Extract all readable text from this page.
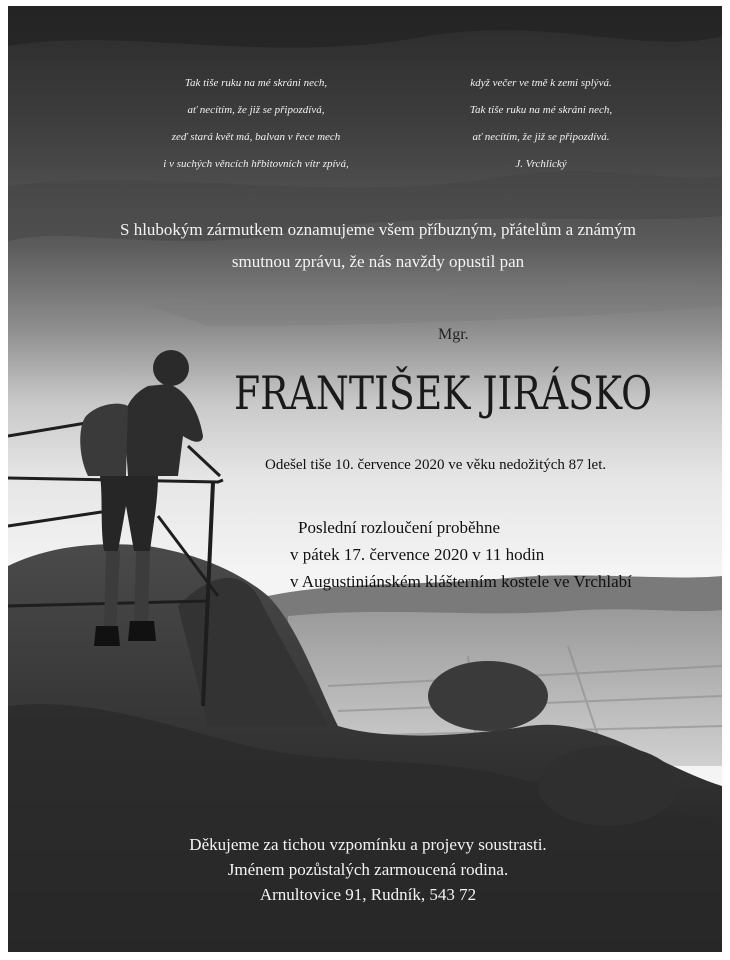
Tak tiše ruku na mé skráni nech,
ať necítím, že již se připozdívá,
zeď stará květ má, balvan v řece mech
i v suchých věncích hřbitovních vítr zpívá,
když večer ve tmě k zemi splývá.
Tak tiše ruku na mé skráni nech,
ať necítím, že již se připozdívá.
J. Vrchlický
S hlubokým zármutkem oznamujeme všem příbuzným, přátelům a známým
smutnou zprávu, že nás navždy opustil pan
Mgr.
FRANTIŠEK JIRÁSKO
Odešel tiše 10. července 2020 ve věku nedožitých 87 let.
Poslední rozloučení proběhne
v pátek 17. července 2020 v 11 hodin
v Augustiniánském klášterním kostele ve Vrchlabí
Děkujeme za tichou vzpomínku a projevy soustrasti.
Jménem pozůstalých zarmoucená rodina.
Arnultovice 91, Rudník, 543 72
